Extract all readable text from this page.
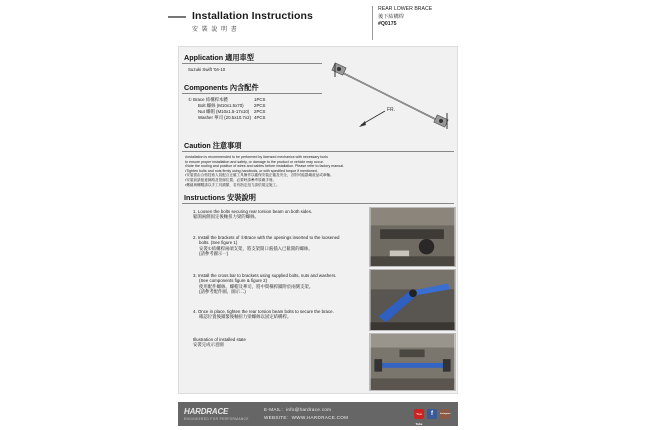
Installation Instructions
安 裝 說 明 書
REAR LOWER BRACE
後下結構桿
#Q0175
Application 適用車型
Suzuki Swift '04-10
Components 內含配件
① Brace 結構桿本體	1PCS
Bolt 螺絲 (M10x1.5x70) 2PCS
Nut 螺帽 (M10x1.5-17x10) 2PCS
Washer 華司 (20.5x10.7x2) 4PCS
FR.
Caution 注意事項
•Installation is recommended to be performed by licensed mechanics with necessary tools
to ensure proper installation and safety, or damage to the product or vehicle may occur.
•Note the routing and position of wires and cables before installation. Please refer to factory manual.
•Tighten bolts and nuts firmly using handtools, or with specified torque if mentioned.
•安裝需由合格技術人員配合正確工具操作以確保安裝正確及安全，否則可能損壞產品或車輛。
•安裝前請留意線路及管線位置，必要時請參考原廠手冊。
•螺絲與螺帽請以手工具鎖緊，若有指定扭力請依規定施工。
Instructions 安裝說明
1. Loosen the bolts securing rear torsion beam on both sides.
鬆開兩側固定後軸扭力梁的螺絲。
2. Install the brackets of ①Brace with the openings inserted to the loosened
bolts. (See figure 1)
安裝①結構桿兩端支架，將支架開口處插入已鬆開的螺絲。
(請參考圖示一)
3. Install the cross bar to brackets using supplied bolts, nuts and washers.
(See components figure & figure 2)
使用配件螺絲、螺帽及華司，將中間橫桿鎖附於兩側支架。
(請參考配件圖、圖示二)
4. Once in place, tighten the rear torsion beam bolts to secure the brace.
確認位置後鎖緊後軸扭力梁螺絲以固定結構桿。
Illustration of installed state
安裝完成示意圖
HARDRACE
ENGINEERED FOR PERFORMANCE
E-MAIL：info@hardrace.com
WEBSITE：WWW.HARDRACE.COM
You Tube
f	Instagram
